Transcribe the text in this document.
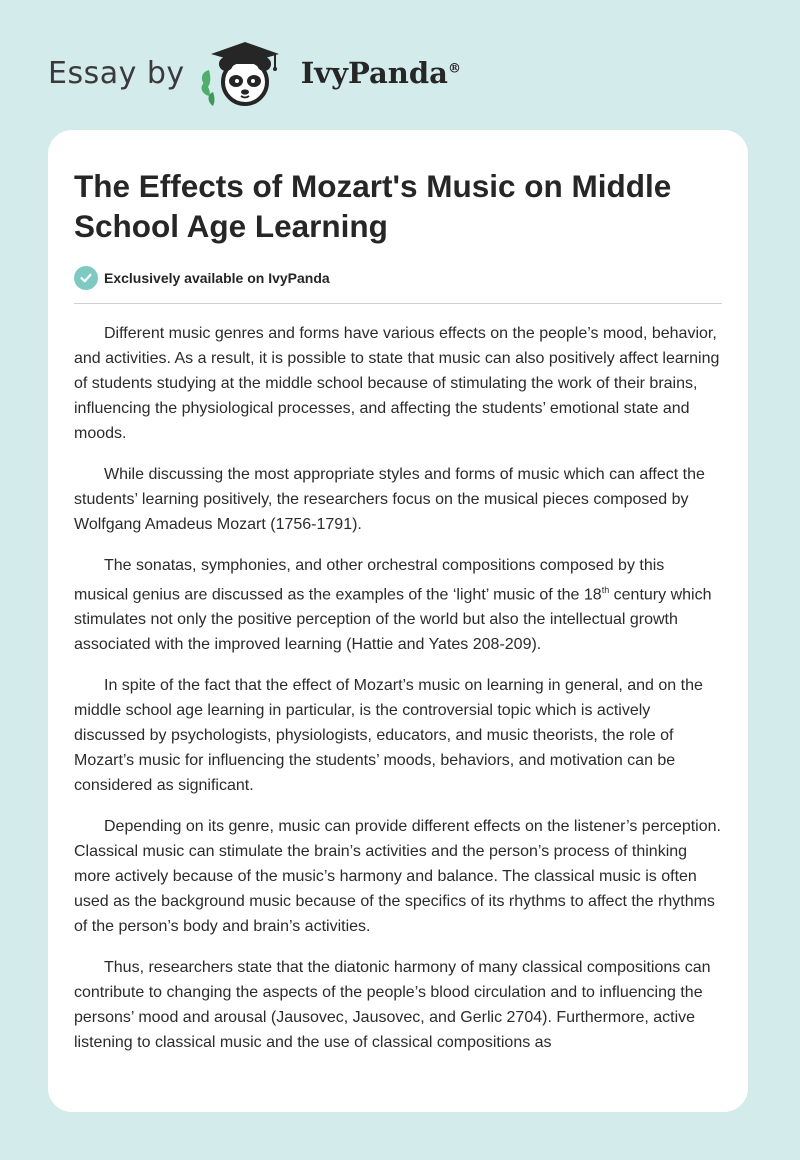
Essay by	IvyPanda®
The Effects of Mozart's Music on Middle School Age Learning
Exclusively available on IvyPanda

Different music genres and forms have various effects on the people’s mood, behavior, and activities. As a result, it is possible to state that music can also positively affect learning of students studying at the middle school because of stimulating the work of their brains, influencing the physiological processes, and affecting the students’ emotional state and moods.

While discussing the most appropriate styles and forms of music which can affect the students’ learning positively, the researchers focus on the musical pieces composed by Wolfgang Amadeus Mozart (1756-1791).

The sonatas, symphonies, and other orchestral compositions composed by this musical genius are discussed as the examples of the ‘light’ music of the 18th century which stimulates not only the positive perception of the world but also the intellectual growth associated with the improved learning (Hattie and Yates 208-209).

In spite of the fact that the effect of Mozart’s music on learning in general, and on the middle school age learning in particular, is the controversial topic which is actively discussed by psychologists, physiologists, educators, and music theorists, the role of Mozart’s music for influencing the students’ moods, behaviors, and motivation can be considered as significant.

Depending on its genre, music can provide different effects on the listener’s perception. Classical music can stimulate the brain’s activities and the person’s process of thinking more actively because of the music’s harmony and balance. The classical music is often used as the background music because of the specifics of its rhythms to affect the rhythms of the person’s body and brain’s activities.

Thus, researchers state that the diatonic harmony of many classical compositions can contribute to changing the aspects of the people’s blood circulation and to influencing the persons’ mood and arousal (Jausovec, Jausovec, and Gerlic 2704). Furthermore, active listening to classical music and the use of classical compositions as
